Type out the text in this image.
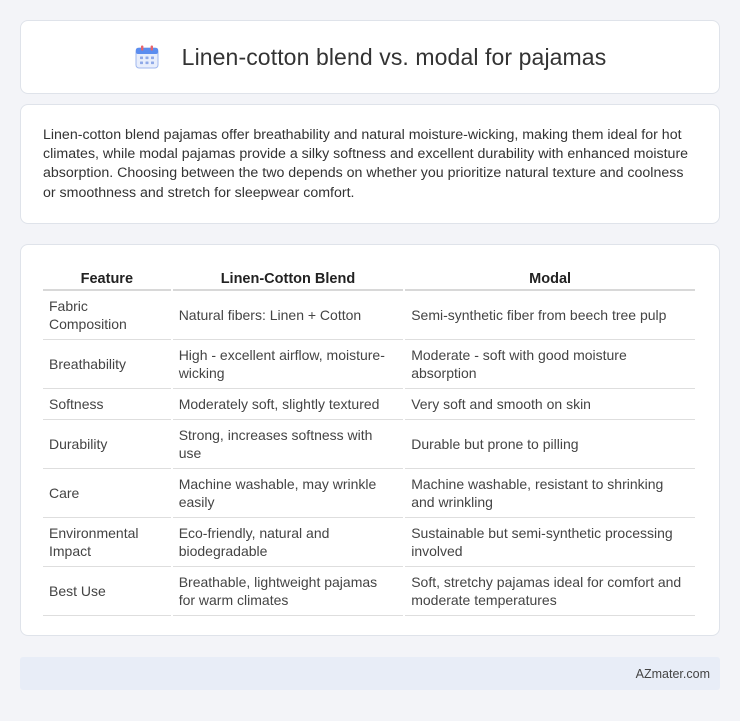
Linen-cotton blend vs. modal for pajamas

Linen-cotton blend pajamas offer breathability and natural moisture-wicking, making them ideal for hot climates, while modal pajamas provide a silky softness and excellent durability with enhanced moisture absorption. Choosing between the two depends on whether you prioritize natural texture and coolness or smoothness and stretch for sleepwear comfort.

Feature	Linen-Cotton Blend	Modal
Fabric Composition	Natural fibers: Linen + Cotton	Semi-synthetic fiber from beech tree pulp
Breathability	High - excellent airflow, moisture-wicking	Moderate - soft with good moisture absorption
Softness	Moderately soft, slightly textured	Very soft and smooth on skin
Durability	Strong, increases softness with use	Durable but prone to pilling
Care	Machine washable, may wrinkle easily	Machine washable, resistant to shrinking and wrinkling
Environmental Impact	Eco-friendly, natural and biodegradable	Sustainable but semi-synthetic processing involved
Best Use	Breathable, lightweight pajamas for warm climates	Soft, stretchy pajamas ideal for comfort and moderate temperatures
AZmater.com
